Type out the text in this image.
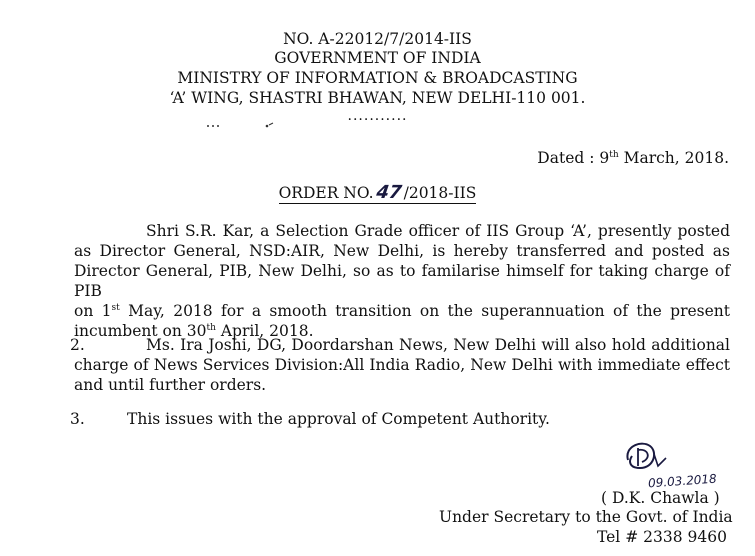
NO. A-22012/7/2014-IIS

GOVERNMENT OF INDIA

MINISTRY OF INFORMATION & BROADCASTING

‘A’ WING, SHASTRI BHAWAN, NEW DELHI-110 001.

...........

Dated : 9th March, 2018.

ORDER NO.47/2018-IIS

Shri S.R. Kar, a Selection Grade officer of IIS Group ‘A’, presently posted

as Director General, NSD:AIR, New Delhi, is hereby transferred and posted as

Director General, PIB, New Delhi, so as to familarise himself for taking charge of PIB

on 1st May, 2018 for a smooth transition on the superannuation of the present

incumbent on 30th April, 2018.

2.	Ms. Ira Joshi, DG, Doordarshan News, New Delhi will also hold additional

charge of News Services Division:All India Radio, New Delhi with immediate effect

and until further orders.

3.	This issues with the approval of Competent Authority.

09.03.2018

( D.K. Chawla )

Under Secretary to the Govt. of India

Tel # 2338 9460
